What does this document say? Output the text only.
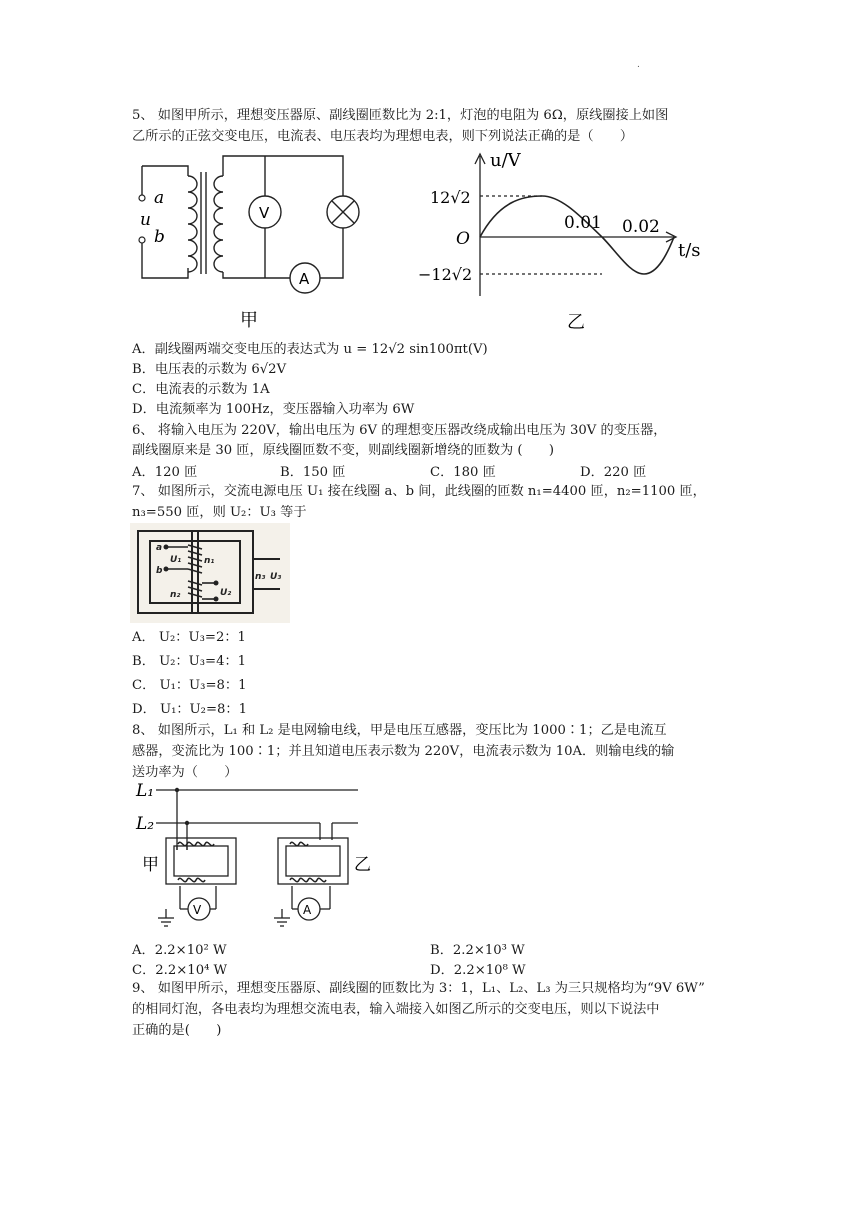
.
5、 如图甲所示，理想变压器原、副线圈匝数比为 2:1，灯泡的电阻为 6Ω，原线圈接上如图
乙所示的正弦交变电压，电流表、电压表均为理想电表，则下列说法正确的是（　　）
a
u
b
V
A
甲
u/V
t/s
O
12√2
−12√2
0.01 0.02
乙
A．副线圈两端交变电压的表达式为 u = 12√2 sin100πt(V)
B．电压表的示数为 6√2V
C．电流表的示数为 1A
D．电流频率为 100Hz，变压器输入功率为 6W
6、 将输入电压为 220V，输出电压为 6V 的理想变压器改绕成输出电压为 30V 的变压器，
副线圈原来是 30 匝，原线圈匝数不变，则副线圈新增绕的匝数为 (　　)
A．120 匝	B．150 匝	C．180 匝	D．220 匝
7、 如图所示，交流电源电压 U₁ 接在线圈 a、b 间，此线圈的匝数 n₁=4400 匝，n₂=1100 匝，
n₃=550 匝，则 U₂：U₃ 等于
a
U₁
b
n₁
n₂	U₂
n₃ U₃
A． U₂：U₃=2：1
B． U₂：U₃=4：1
C． U₁：U₃=8：1
D． U₁：U₂=8：1
8、 如图所示，L₁ 和 L₂ 是电网输电线，甲是电压互感器，变压比为 1000∶1；乙是电流互
感器，变流比为 100∶1；并且知道电压表示数为 220V，电流表示数为 10A．则输电线的输
送功率为（　　）
L₁
L₂
甲	乙
V	A
A．2.2×10² W	B．2.2×10³ W
C．2.2×10⁴ W	D．2.2×10⁸ W
9、 如图甲所示，理想变压器原、副线圈的匝数比为 3：1，L₁、L₂、L₃ 为三只规格均为“9V 6W”
的相同灯泡，各电表均为理想交流电表，输入端接入如图乙所示的交变电压，则以下说法中
正确的是(　　)
